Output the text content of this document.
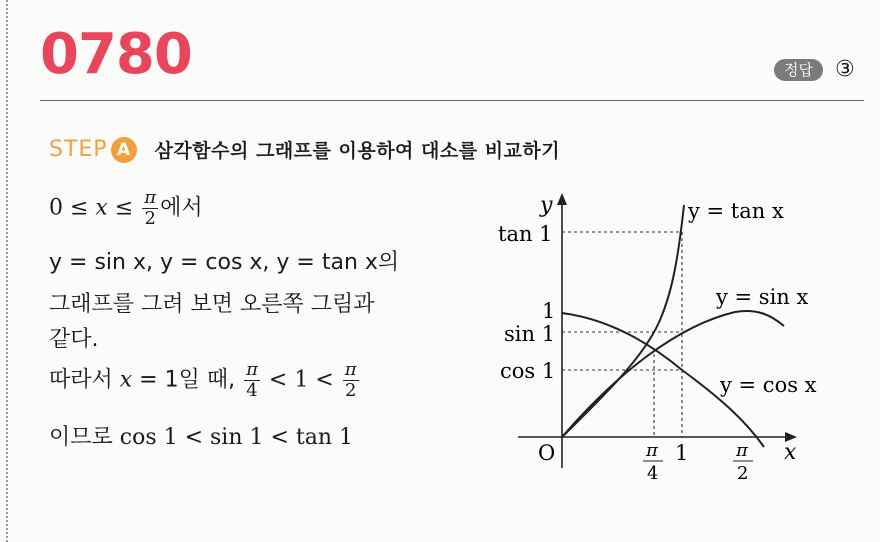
0780	정답	③
STEP A	삼각함수의 그래프를 이용하여 대소를 비교하기
$0 \le x \le \frac{\pi}{2}$ 에서
y = sin x, y = cos x, y = tan x의
그래프를 그려 보면 오른쪽 그림과
같다.
따라서 x = 1일 때, $\frac{\pi}{4} < 1 < \frac{\pi}{2}$
이므로 cos 1 < sin 1 < tan 1
y
x
O
tan 1
1
sin 1
cos 1
π
4
1	π
2
y = tan x
y = sin x
y = cos x
